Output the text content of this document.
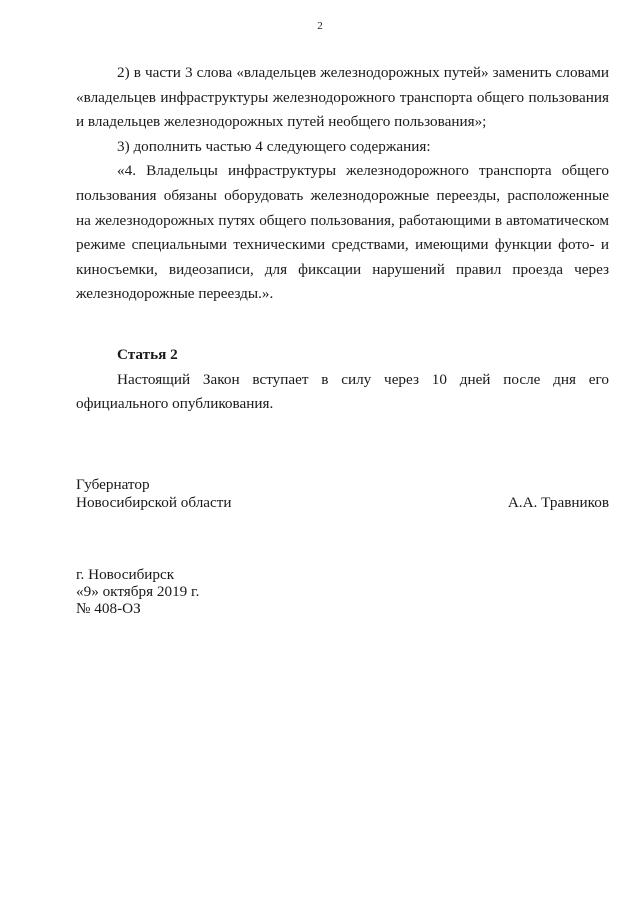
2

2) в части 3 слова «владельцев железнодорожных путей» заменить словами «владельцев инфраструктуры железнодорожного транспорта общего пользования и владельцев железнодорожных путей необщего пользования»;

3) дополнить частью 4 следующего содержания:

«4. Владельцы инфраструктуры железнодорожного транспорта общего пользования обязаны оборудовать железнодорожные переезды, расположенные на железнодорожных путях общего пользования, работающими в автоматическом режиме специальными техническими средствами, имеющими функции фото- и киносъемки, видеозаписи, для фиксации нарушений правил проезда через железнодорожные переезды.».

Статья 2

Настоящий Закон вступает в силу через 10 дней после дня его официального опубликования.

Губернатор
Новосибирской области	А.А. Травников
г. Новосибирск
«9» октября 2019 г.
№ 408-ОЗ
